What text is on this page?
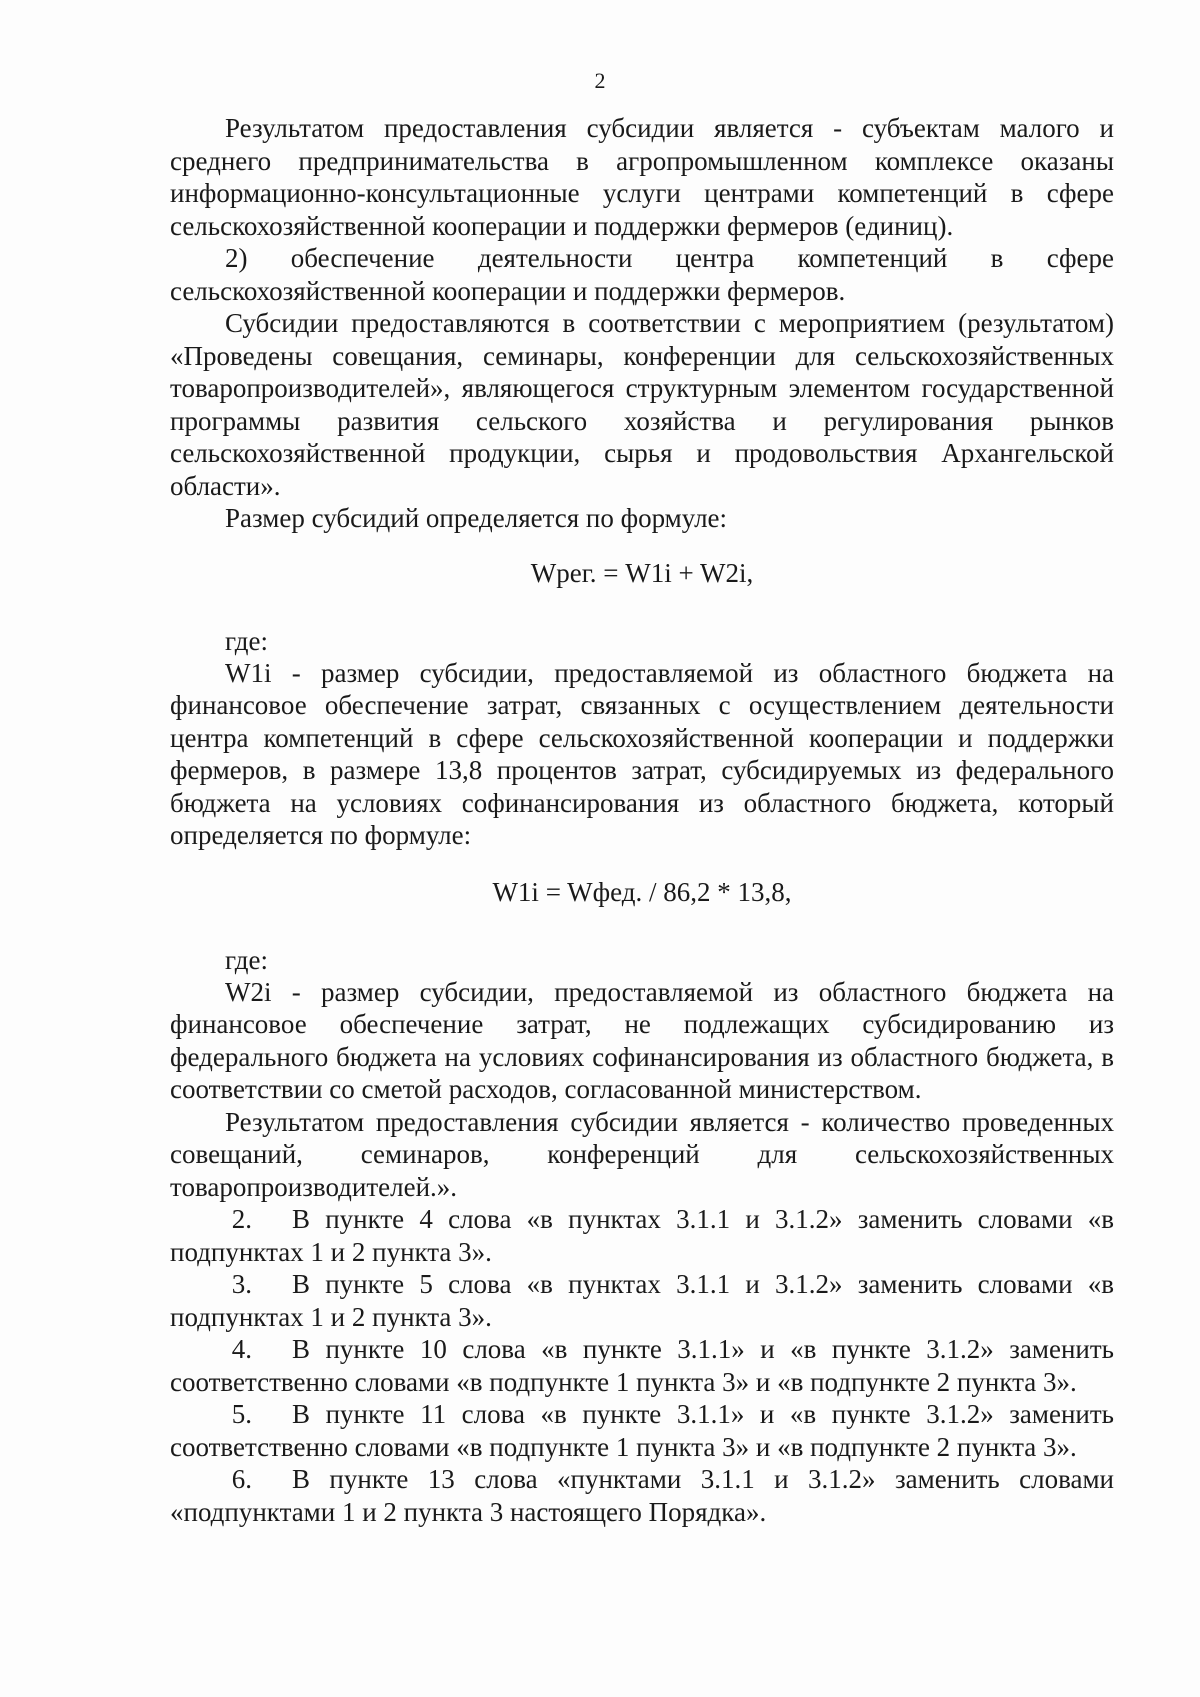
2

Результатом предоставления субсидии является - субъектам малого и среднего предпринимательства в агропромышленном комплексе оказаны информационно-консультационные услуги центрами компетенций в сфере сельскохозяйственной кооперации и поддержки фермеров (единиц).

2) обеспечение деятельности центра компетенций в сфере сельскохозяйственной кооперации и поддержки фермеров.

Субсидии предоставляются в соответствии с мероприятием (результатом) «Проведены совещания, семинары, конференции для сельскохозяйственных товаропроизводителей», являющегося структурным элементом государственной программы развития сельского хозяйства и регулирования рынков сельскохозяйственной продукции, сырья и продовольствия Архангельской области».

Размер субсидий определяется по формуле:

Wрег. = W1i + W2i,

где:

W1i - размер субсидии, предоставляемой из областного бюджета на финансовое обеспечение затрат, связанных с осуществлением деятельности центра компетенций в сфере сельскохозяйственной кооперации и поддержки фермеров, в размере 13,8 процентов затрат, субсидируемых из федерального бюджета на условиях софинансирования из областного бюджета, который определяется по формуле:

W1i = Wфед. / 86,2 * 13,8,

где:

W2i - размер субсидии, предоставляемой из областного бюджета на финансовое обеспечение затрат, не подлежащих субсидированию из федерального бюджета на условиях софинансирования из областного бюджета, в соответствии со сметой расходов, согласованной министерством.

Результатом предоставления субсидии является - количество проведенных совещаний, семинаров, конференций для сельскохозяйственных товаропроизводителей.».

2. В пункте 4 слова «в пунктах 3.1.1 и 3.1.2» заменить словами «в подпунктах 1 и 2 пункта 3».

3. В пункте 5 слова «в пунктах 3.1.1 и 3.1.2» заменить словами «в подпунктах 1 и 2 пункта 3».

4. В пункте 10 слова «в пункте 3.1.1» и «в пункте 3.1.2» заменить соответственно словами «в подпункте 1 пункта 3» и «в подпункте 2 пункта 3».

5. В пункте 11 слова «в пункте 3.1.1» и «в пункте 3.1.2» заменить соответственно словами «в подпункте 1 пункта 3» и «в подпункте 2 пункта 3».

6. В пункте 13 слова «пунктами 3.1.1 и 3.1.2» заменить словами «подпунктами 1 и 2 пункта 3 настоящего Порядка».
